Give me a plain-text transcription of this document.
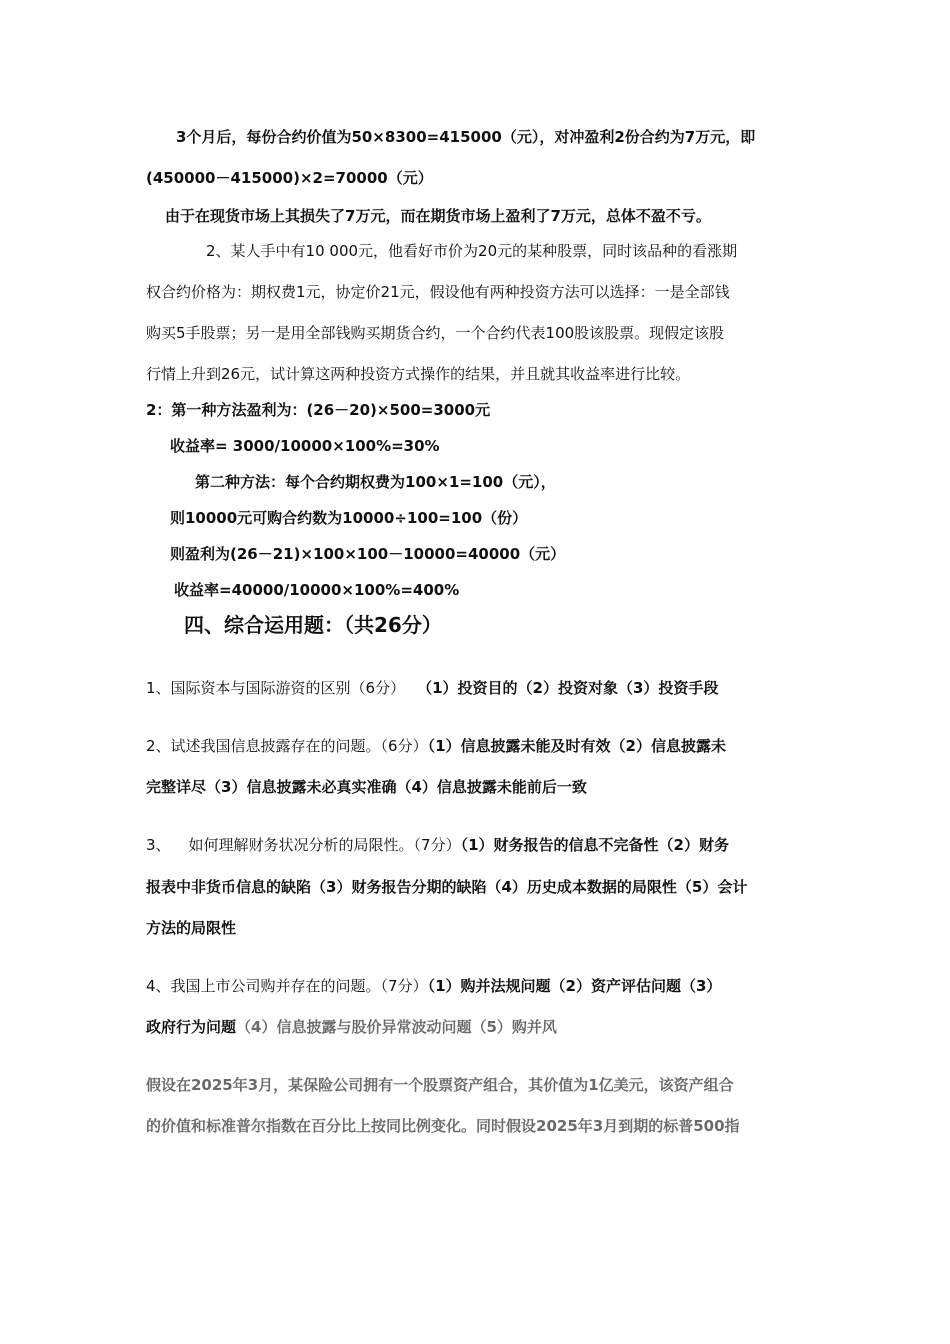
3个月后，每份合约价值为50×8300=415000（元），对冲盈利2份合约为7万元，即
(450000－415000)×2=70000（元）
由于在现货市场上其损失了7万元，而在期货市场上盈利了7万元，总体不盈不亏。
2、某人手中有10 000元，他看好市价为20元的某种股票，同时该品种的看涨期
权合约价格为：期权费1元，协定价21元，假设他有两种投资方法可以选择：一是全部钱
购买5手股票；另一是用全部钱购买期货合约，一个合约代表100股该股票。现假定该股
行情上升到26元，试计算这两种投资方式操作的结果，并且就其收益率进行比较。
2：第一种方法盈利为：(26－20)×500=3000元
收益率= 3000/10000×100%=30%
第二种方法：每个合约期权费为100×1=100（元），
则10000元可购合约数为10000÷100=100（份）
则盈利为(26－21)×100×100－10000=40000（元）
收益率=40000/10000×100%=400%
四、综合运用题：（共26分）
1、国际资本与国际游资的区别（6分） （1）投资目的（2）投资对象（3）投资手段
2、试述我国信息披露存在的问题。（6分）（1）信息披露未能及时有效（2）信息披露未
完整详尽（3）信息披露未必真实准确（4）信息披露未能前后一致
3、 如何理解财务状况分析的局限性。（7分）（1）财务报告的信息不完备性（2）财务
报表中非货币信息的缺陷（3）财务报告分期的缺陷（4）历史成本数据的局限性（5）会计
方法的局限性
4、我国上市公司购并存在的问题。（7分）（1）购并法规问题（2）资产评估问题（3）
政府行为问题（4）信息披露与股价异常波动问题（5）购并风
假设在2025年3月，某保险公司拥有一个股票资产组合，其价值为1亿美元，该资产组合
的价值和标准普尔指数在百分比上按同比例变化。同时假设2025年3月到期的标普500指
